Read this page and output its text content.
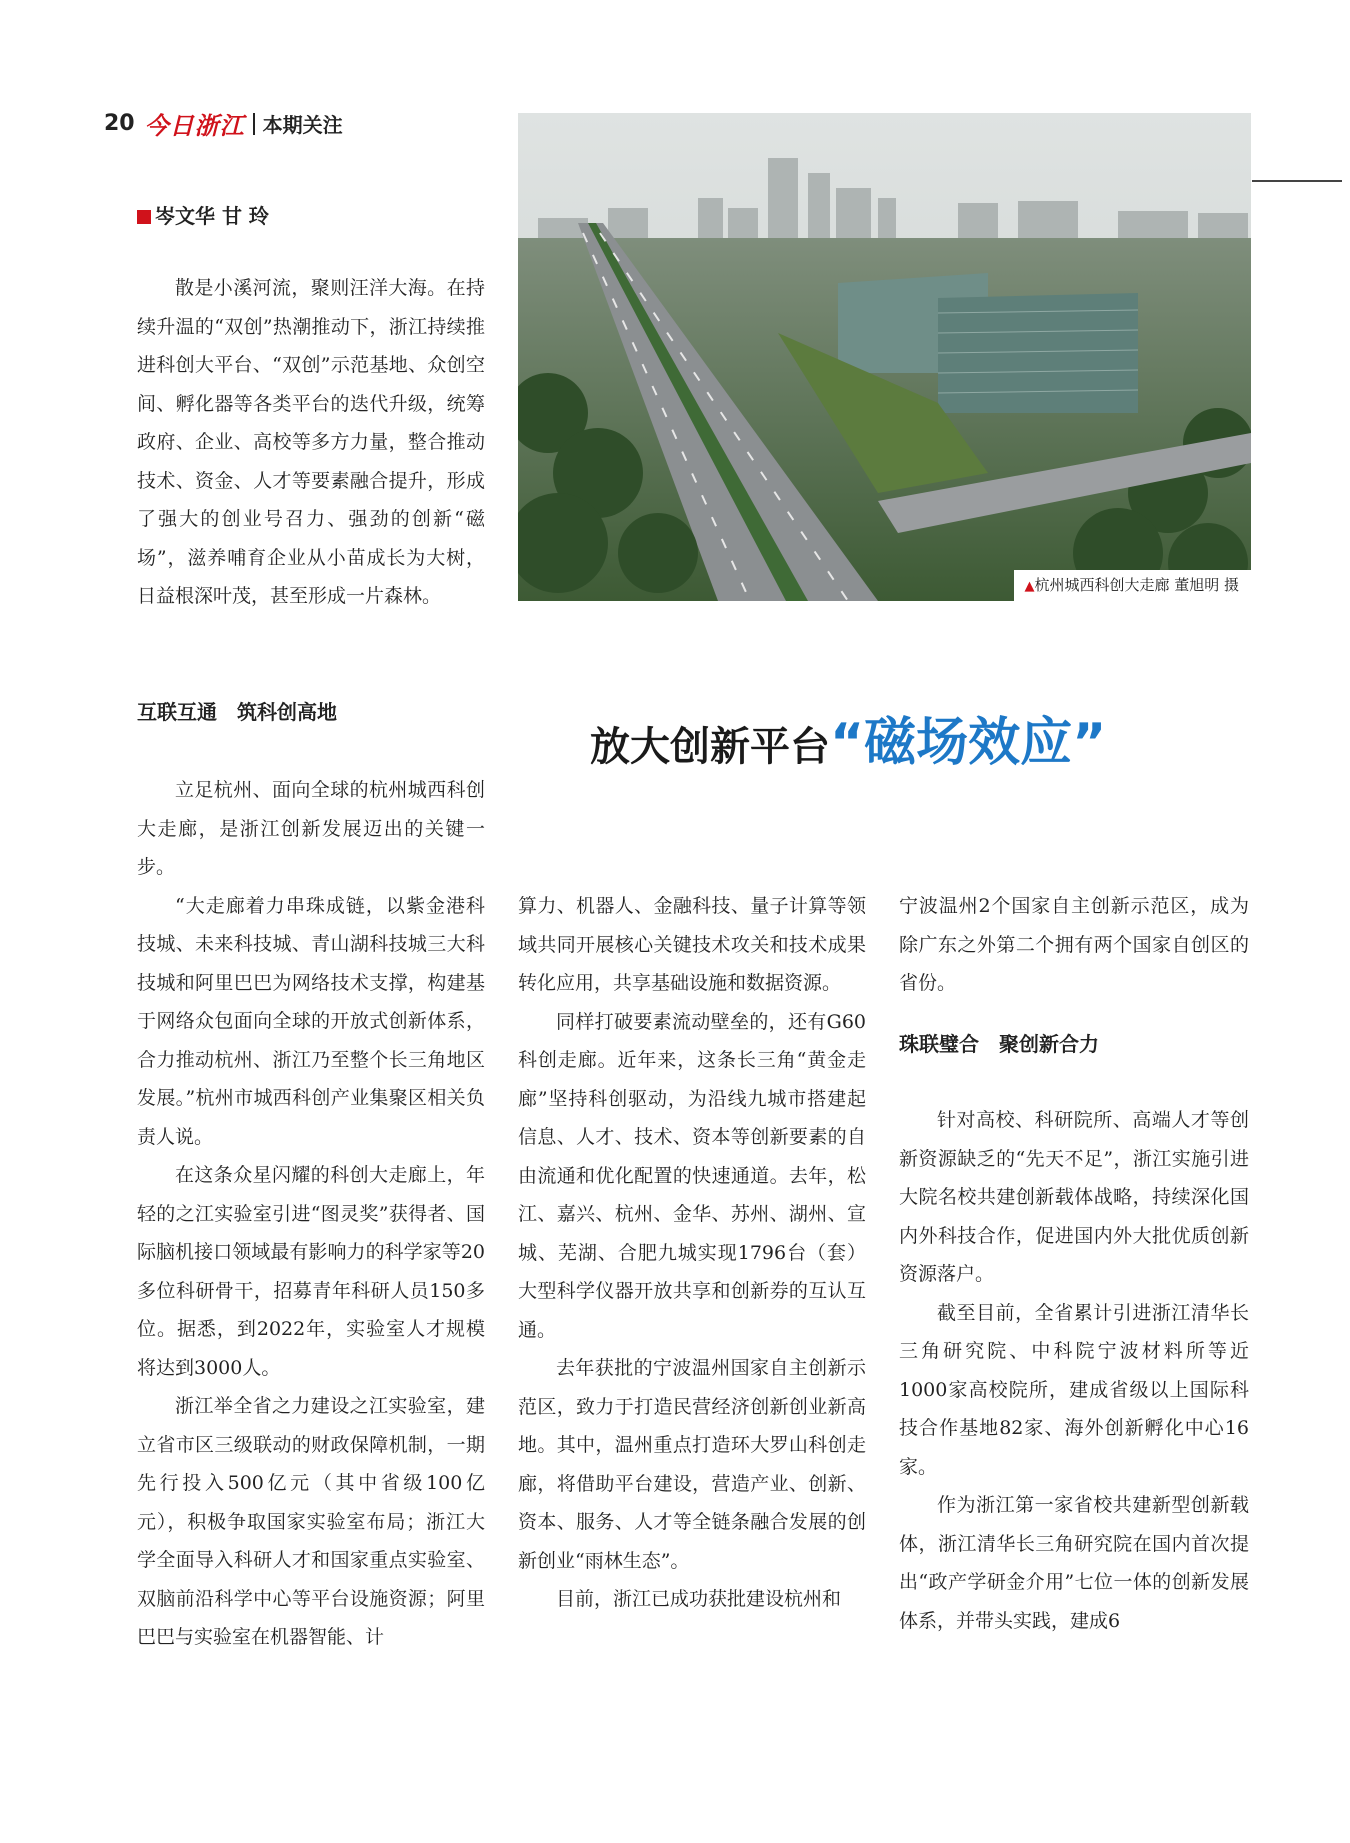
20 今日浙江 本期关注
▲杭州城西科创大走廊 董旭明 摄
岑文华 甘 玲

散是小溪河流，聚则汪洋大海。在持续升温的“双创”热潮推动下，浙江持续推进科创大平台、“双创”示范基地、众创空间、孵化器等各类平台的迭代升级，统筹政府、企业、高校等多方力量，整合推动技术、资金、人才等要素融合提升，形成了强大的创业号召力、强劲的创新“磁场”，滋养哺育企业从小苗成长为大树，日益根深叶茂，甚至形成一片森林。

互联互通　筑科创高地
放大创新平台“磁场效应”

立足杭州、面向全球的杭州城西科创大走廊，是浙江创新发展迈出的关键一步。

“大走廊着力串珠成链，以紫金港科技城、未来科技城、青山湖科技城三大科技城和阿里巴巴为网络技术支撑，构建基于网络众包面向全球的开放式创新体系，合力推动杭州、浙江乃至整个长三角地区发展。”杭州市城西科创产业集聚区相关负责人说。

在这条众星闪耀的科创大走廊上，年轻的之江实验室引进“图灵奖”获得者、国际脑机接口领域最有影响力的科学家等20多位科研骨干，招募青年科研人员150多位。据悉，到2022年，实验室人才规模将达到3000人。

浙江举全省之力建设之江实验室，建立省市区三级联动的财政保障机制，一期先行投入500亿元（其中省级100亿元），积极争取国家实验室布局；浙江大学全面导入科研人才和国家重点实验室、双脑前沿科学中心等平台设施资源；阿里巴巴与实验室在机器智能、计

算力、机器人、金融科技、量子计算等领域共同开展核心关键技术攻关和技术成果转化应用，共享基础设施和数据资源。

同样打破要素流动壁垒的，还有G60科创走廊。近年来，这条长三角“黄金走廊”坚持科创驱动，为沿线九城市搭建起信息、人才、技术、资本等创新要素的自由流通和优化配置的快速通道。去年，松江、嘉兴、杭州、金华、苏州、湖州、宣城、芜湖、合肥九城实现1796台（套）大型科学仪器开放共享和创新券的互认互通。

去年获批的宁波温州国家自主创新示范区，致力于打造民营经济创新创业新高地。其中，温州重点打造环大罗山科创走廊，将借助平台建设，营造产业、创新、资本、服务、人才等全链条融合发展的创新创业“雨林生态”。

目前，浙江已成功获批建设杭州和

宁波温州2个国家自主创新示范区，成为除广东之外第二个拥有两个国家自创区的省份。

珠联璧合　聚创新合力

针对高校、科研院所、高端人才等创新资源缺乏的“先天不足”，浙江实施引进大院名校共建创新载体战略，持续深化国内外科技合作，促进国内外大批优质创新资源落户。

截至目前，全省累计引进浙江清华长三角研究院、中科院宁波材料所等近1000家高校院所，建成省级以上国际科技合作基地82家、海外创新孵化中心16家。

作为浙江第一家省校共建新型创新载体，浙江清华长三角研究院在国内首次提出“政产学研金介用”七位一体的创新发展体系，并带头实践，建成6
